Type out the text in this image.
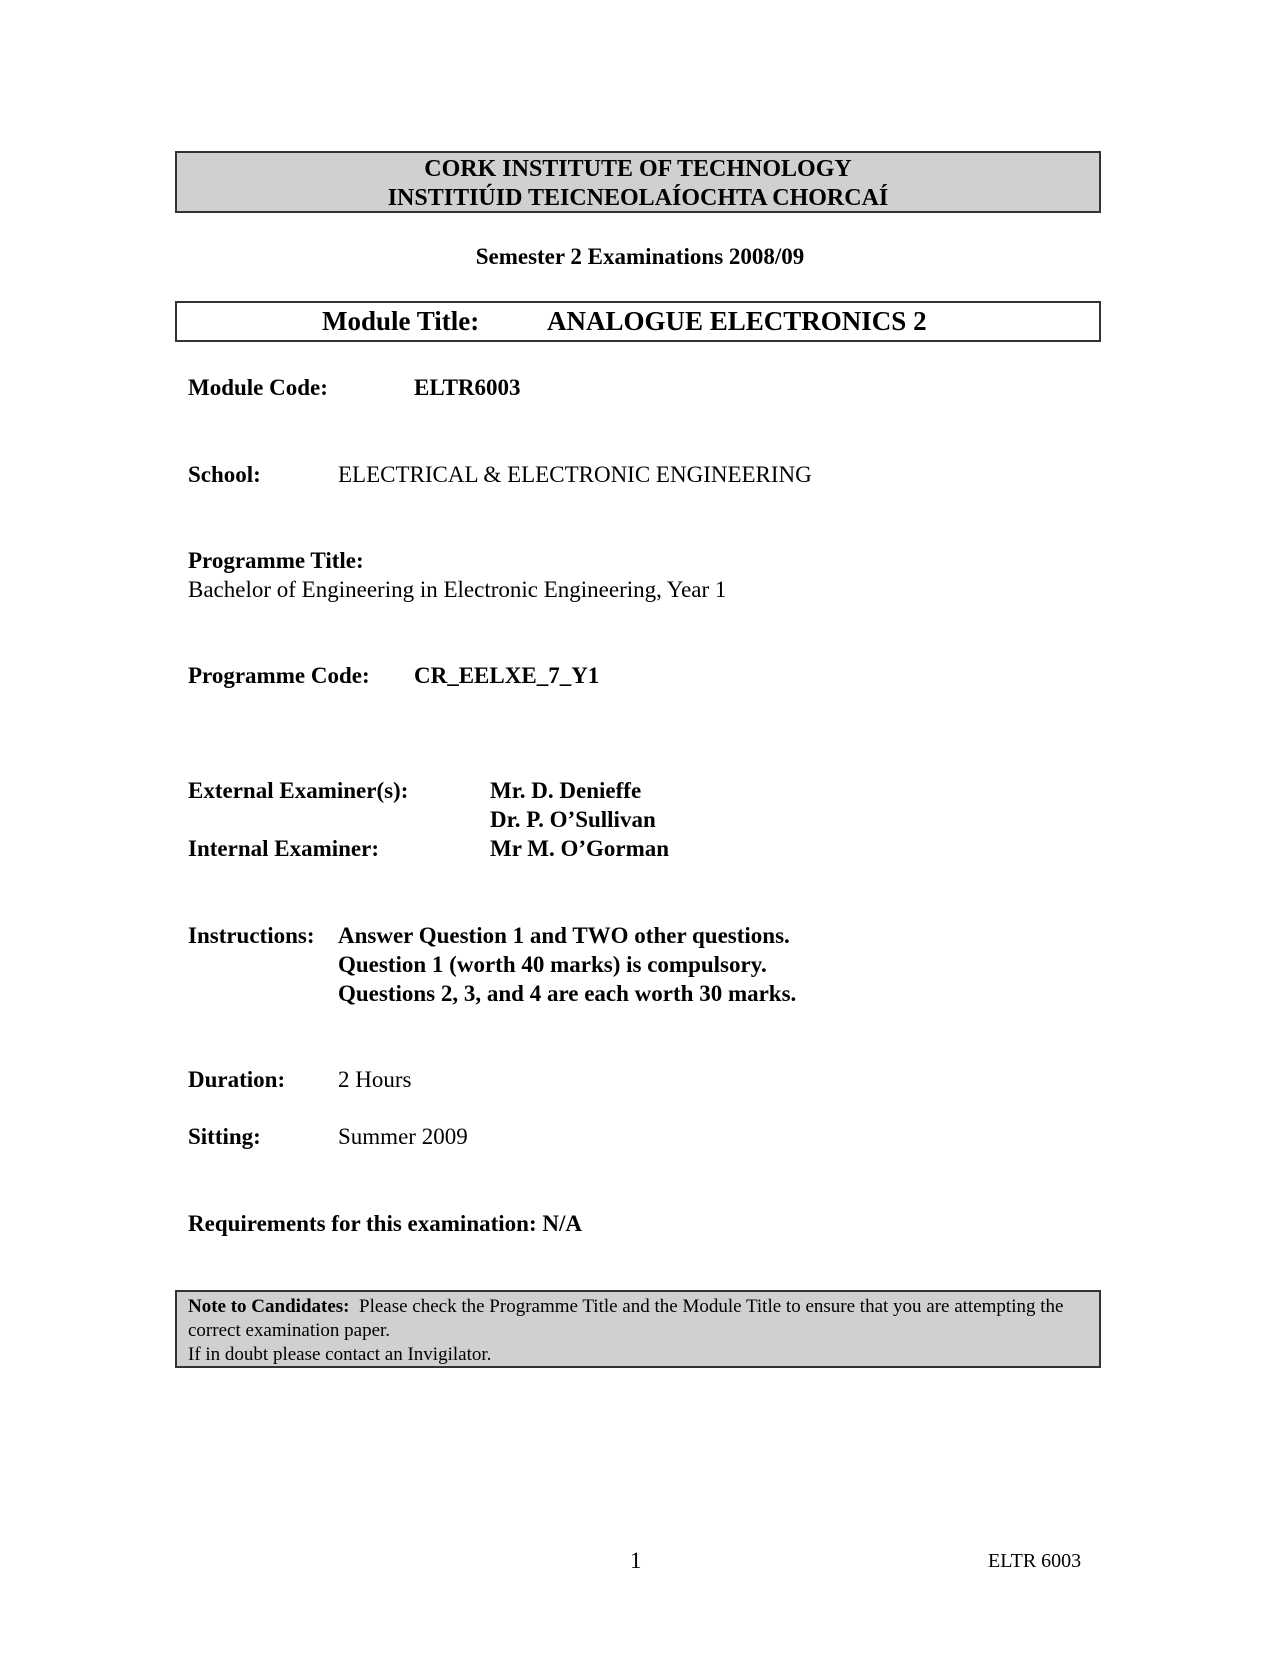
CORK INSTITUTE OF TECHNOLOGY
INSTITIÚID TEICNEOLAÍOCHTA CHORCAÍ
Semester 2 Examinations 2008/09
Module Title:	ANALOGUE ELECTRONICS 2
Module Code:	ELTR6003
School:	ELECTRICAL & ELECTRONIC ENGINEERING
Programme Title:
Bachelor of Engineering in Electronic Engineering, Year 1
Programme Code: CR_EELXE_7_Y1
External Examiner(s):	Mr. D. Denieffe
Dr. P. O’Sullivan
Internal Examiner:	Mr M. O’Gorman
Instructions: Answer Question 1 and TWO other questions.
Question 1 (worth 40 marks) is compulsory.
Questions 2, 3, and 4 are each worth 30 marks.
Duration: 2 Hours
Sitting:	Summer 2009
Requirements for this examination: N/A
Note to Candidates: Please check the Programme Title and the Module Title to ensure that you are attempting the correct examination paper.
If in doubt please contact an Invigilator.
1	ELTR 6003
